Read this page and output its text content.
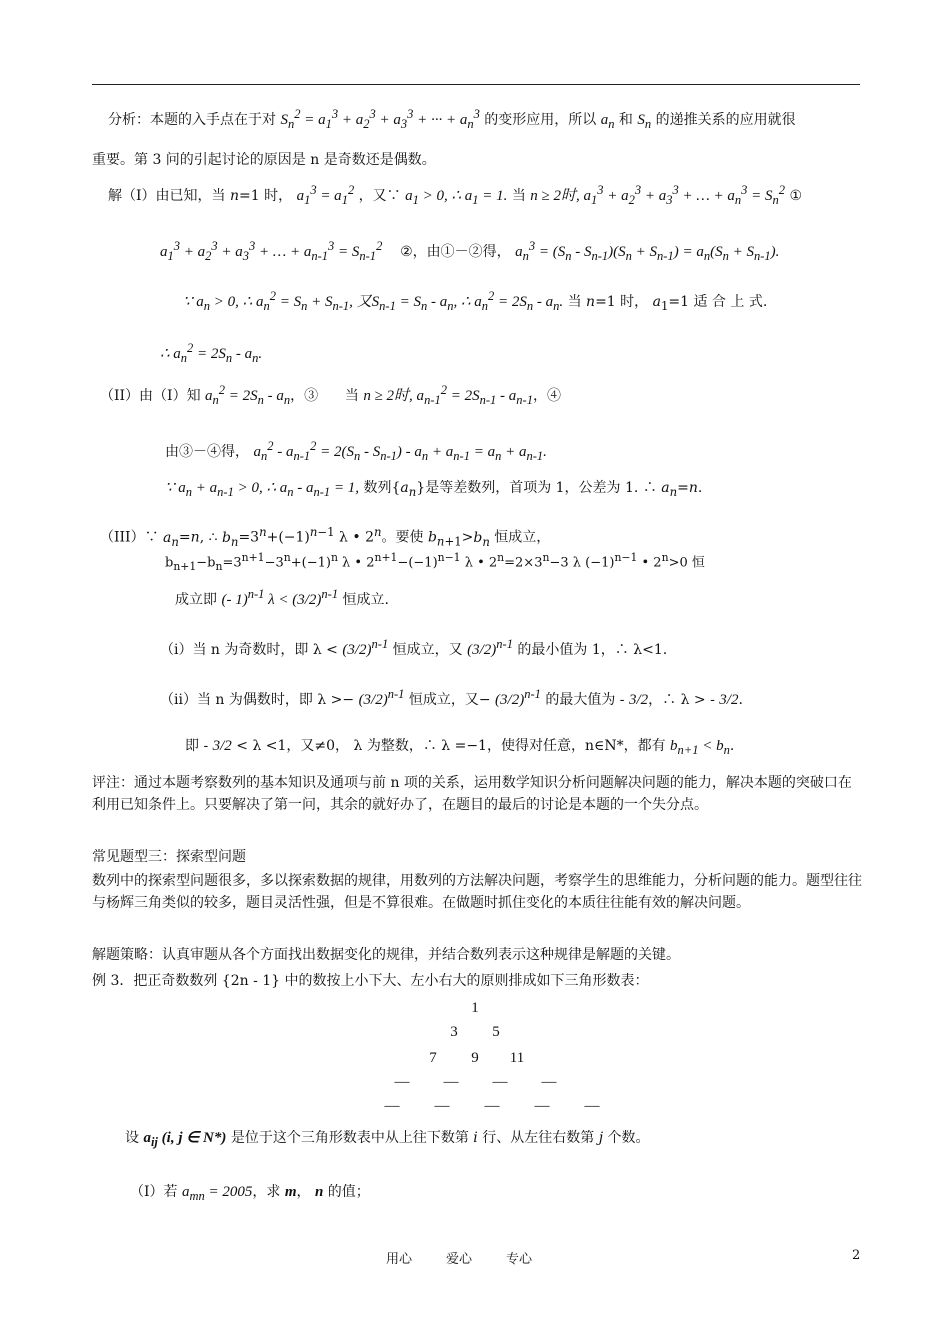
分析：本题的入手点在于对 $S_n^2 = a_1^3 + a_2^3 + a_3^3$ + ··· + $a_n^3$ 的变形应用，所以 $a_n$ 和 $S_n$ 的递推关系的应用就很
重要。第 3 问的引起讨论的原因是 n 是奇数还是偶数。
解（I）由已知，当 n=1 时， $a_1^3 = a_1^2$ ，又∵ $a_1 > 0$, ∴ $a_1 = 1$. 当 n ≥ 2时, $a_1^3 + a_2^3 + a_3^3$ + … + $a_n^3 = S_n^2$ ①
$a_1^3 + a_2^3 + a_3^3$ + … + $a_{n-1}^3 = S_{n-1}^2$    ②，由①－②得， $a_n^3 = (S_n - S_{n-1})(S_n + S_{n-1}) = a_n(S_n + S_{n-1})$.
∵ $a_n > 0$, ∴ $a_n^2 = S_n + S_{n-1}$, 又$S_{n-1} = S_n - a_n$, ∴ $a_n^2 = 2S_n - a_n$. 当 n=1 时， $a_1=1$ 适 合 上 式.
∴ $a_n^2 = 2S_n - a_n$.
（II）由（I）知 $a_n^2 = 2S_n - a_n$，③      当 n ≥ 2时, $a_{n-1}^2 = 2S_{n-1} - a_{n-1}$，④
由③－④得， $a_n^2 - a_{n-1}^2 = 2(S_n - S_{n-1}) - a_n + a_{n-1} = a_n + a_{n-1}$.
∵ $a_n + a_{n-1} > 0$, ∴ $a_n - a_{n-1} = 1$, 数列$\{a_n\}$是等差数列，首项为 1，公差为 1. ∴ $a_n=n$.
（III）∵ $a_n=n$, ∴ $b_n=3^n+(-1)^{n-1}$ λ • 2$^n$。要使 $b_{n+1}>b_n$ 恒成立，
$b_{n+1}-b_n=3^{n+1}-3^n+(-1)^n$ λ • $2^{n+1}-(-1)^{n-1}$ λ • $2^n=2\times 3^n-3$ λ $(-1)^{n-1}$ • $2^n>0$ 恒
成立即 (- 1)$^{n-1}$ $\lambda < (3/2)^{n-1}$ 恒成立.
（i）当 n 为奇数时，即 $\lambda < (3/2)^{n-1}$ 恒成立，又 $(3/2)^{n-1}$ 的最小值为 1，∴ λ<1.
（ii）当 n 为偶数时，即 $\lambda >- (3/2)^{n-1}$ 恒成立，又− $(3/2)^{n-1}$ 的最大值为 - 3/2，∴ λ > - 3/2.
即 - 3/2 < λ <1，又≠0， λ 为整数，∴ λ =−1，使得对任意，n∈N*，都有 $b_{n+1} < b_n$.
评注：通过本题考察数列的基本知识及通项与前 n 项的关系，运用数学知识分析问题解决问题的能力，解决本题的突破口在利用已知条件上。只要解决了第一问，其余的就好办了，在题目的最后的讨论是本题的一个失分点。
常见题型三：探索型问题
数列中的探索型问题很多，多以探索数据的规律，用数列的方法解决问题，考察学生的思维能力，分析问题的能力。题型往往与杨辉三角类似的较多，题目灵活性强，但是不算很难。在做题时抓住变化的本质往往能有效的解决问题。
解题策略：认真审题从各个方面找出数据变化的规律，并结合数列表示这种规律是解题的关键。
例 3．把正奇数数列 {2n - 1} 中的数按上小下大、左小右大的原则排成如下三角形数表：
1
3	5
7	9	11
—	—	—	—
—	—	—	—	—
设 $a_{ij}$ (i, j ∈ N*) 是位于这个三角形数表中从上往下数第 i 行、从左往右数第 j 个数。
（I）若 $a_{mn} = 2005$，求 m， n 的值；
用心	爱心	专心	2
